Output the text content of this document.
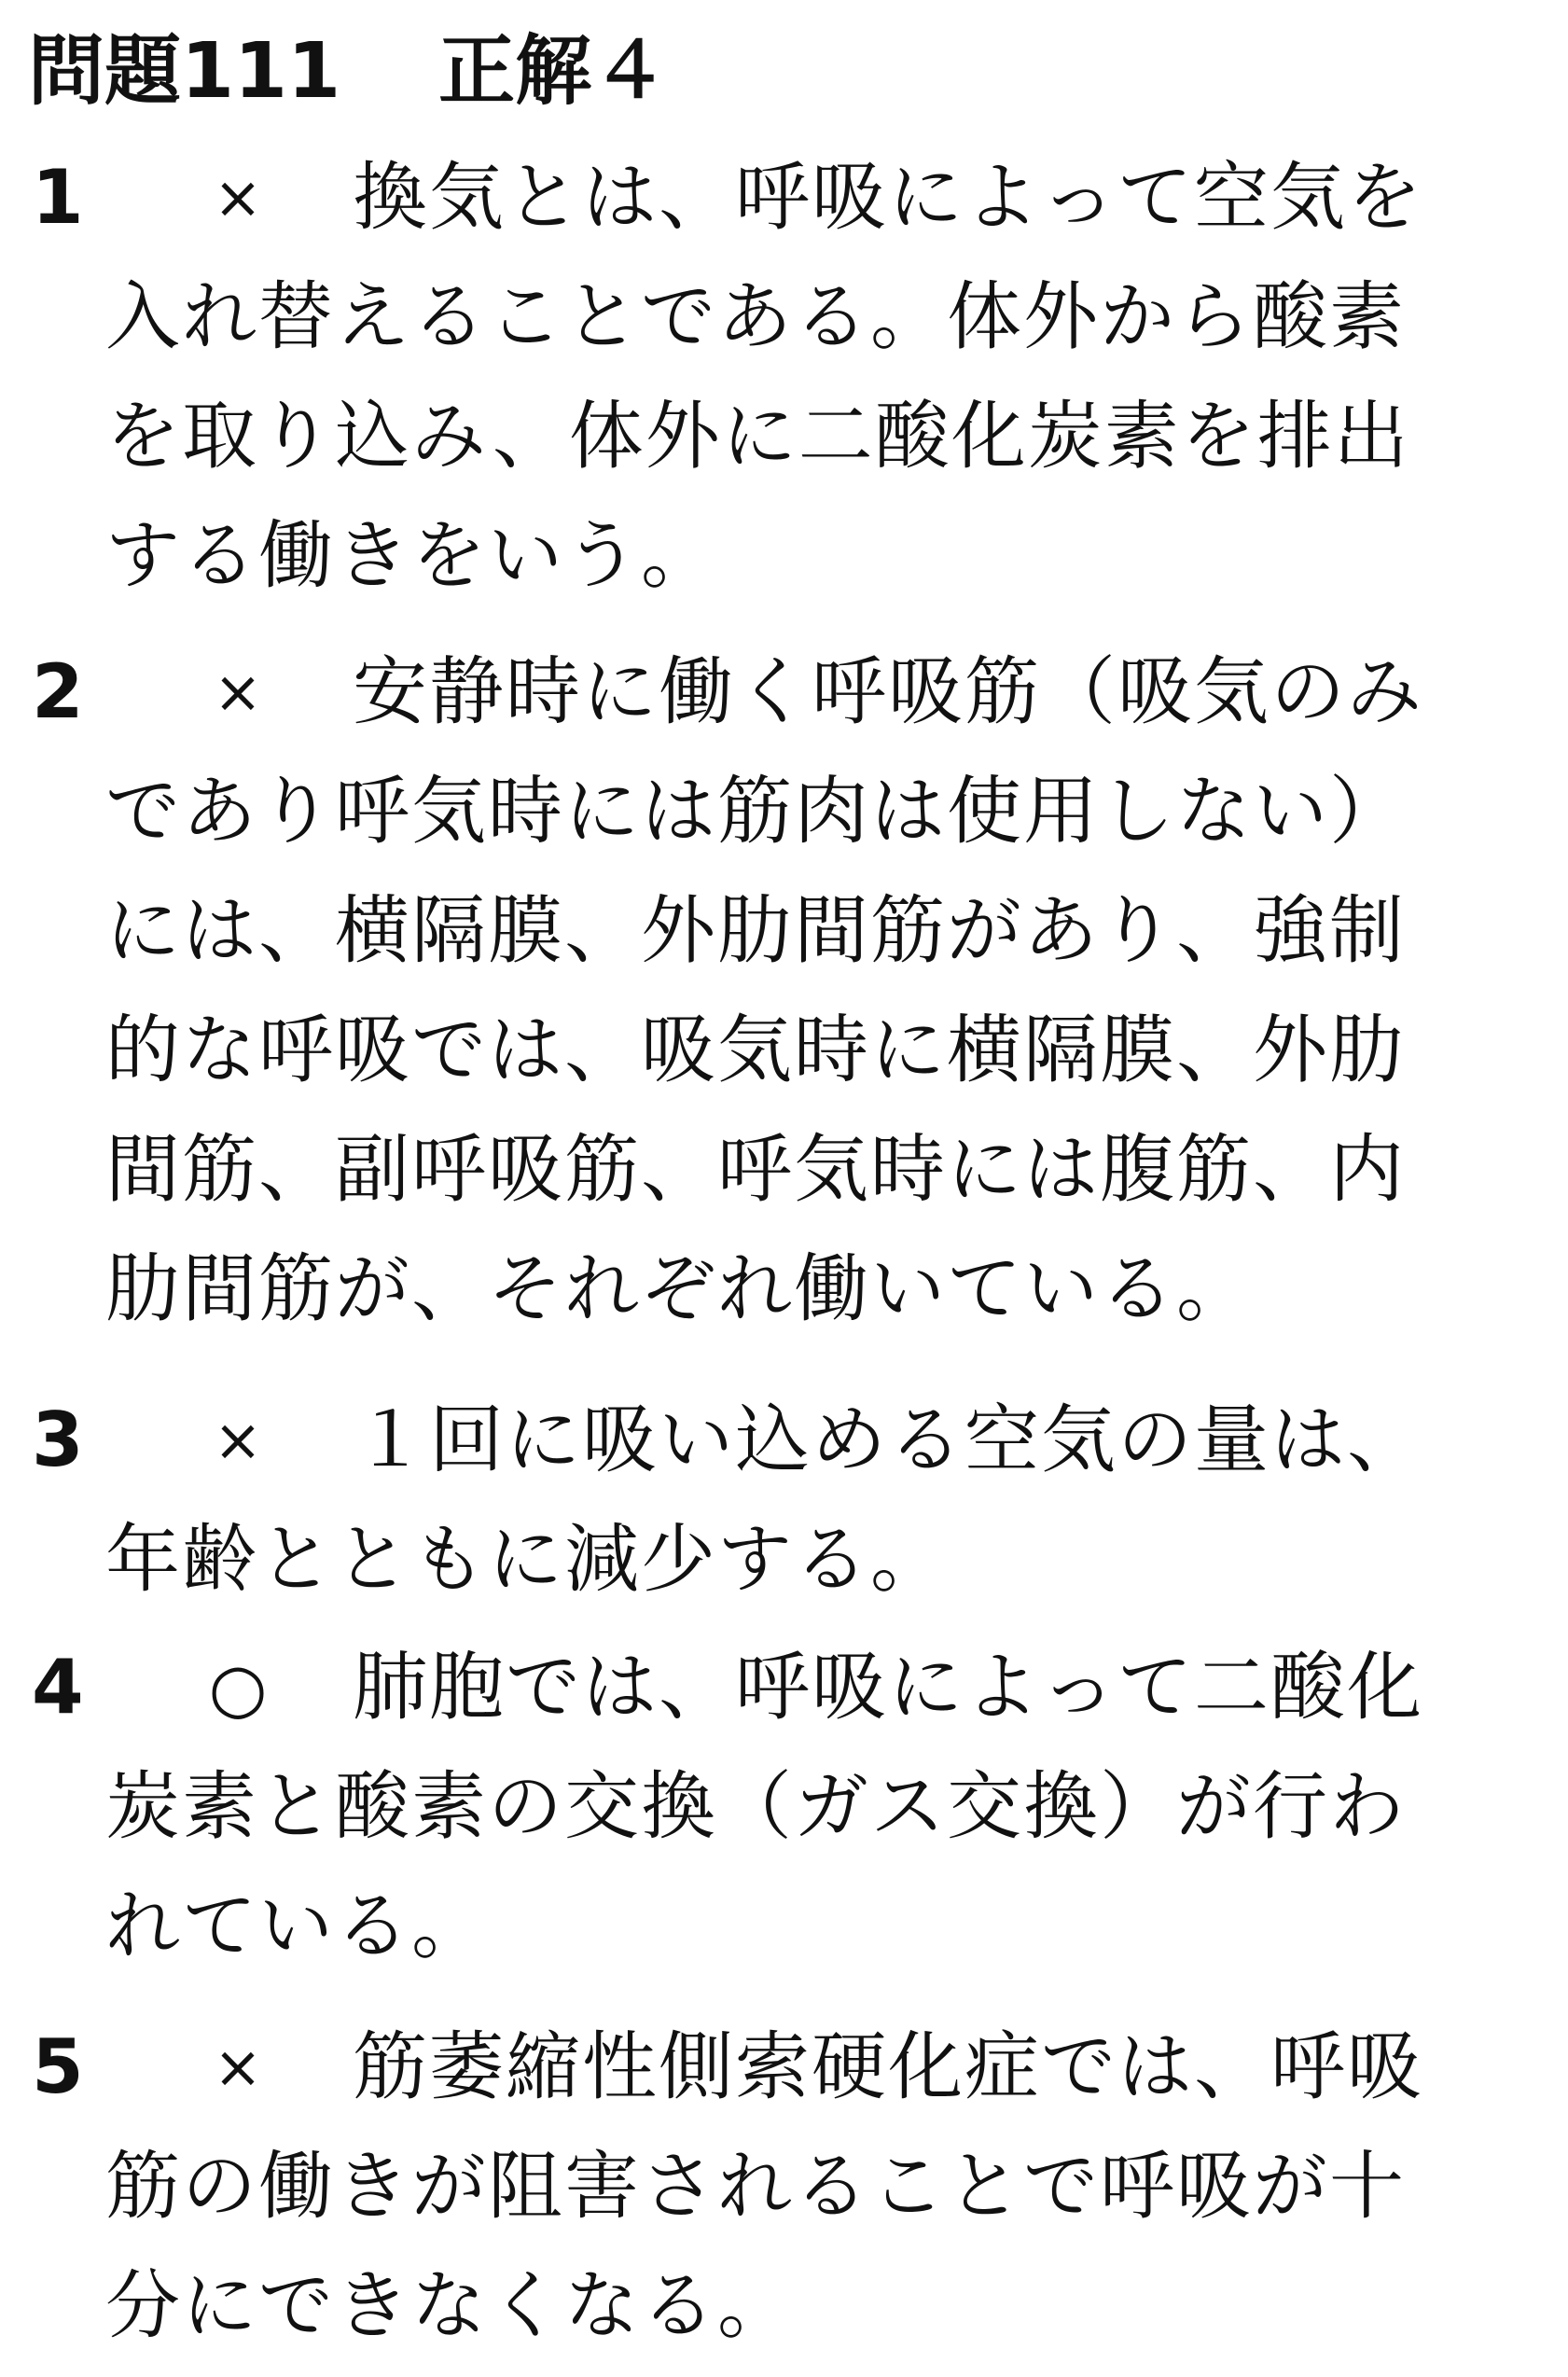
問題111 正解４
1	×	換気とは、呼吸によって空気を
入れ替えることである。体外から酸素
を取り込み、体外に二酸化炭素を排出
する働きをいう。
2	×	安静時に働く呼吸筋（吸気のみ
であり呼気時には筋肉は使用しない）
には、横隔膜、外肋間筋があり、強制
的な呼吸では、吸気時に横隔膜、外肋
間筋、副呼吸筋、呼気時には腹筋、内
肋間筋が、それぞれ働いている。
3	×	１回に吸い込める空気の量は、
年齢とともに減少する。
4	○ 肺胞では、呼吸によって二酸化
炭素と酸素の交換（ガス交換）が行わ
れている。
5	×	筋萎縮性側索硬化症では、呼吸
筋の働きが阻害されることで呼吸が十
分にできなくなる。
